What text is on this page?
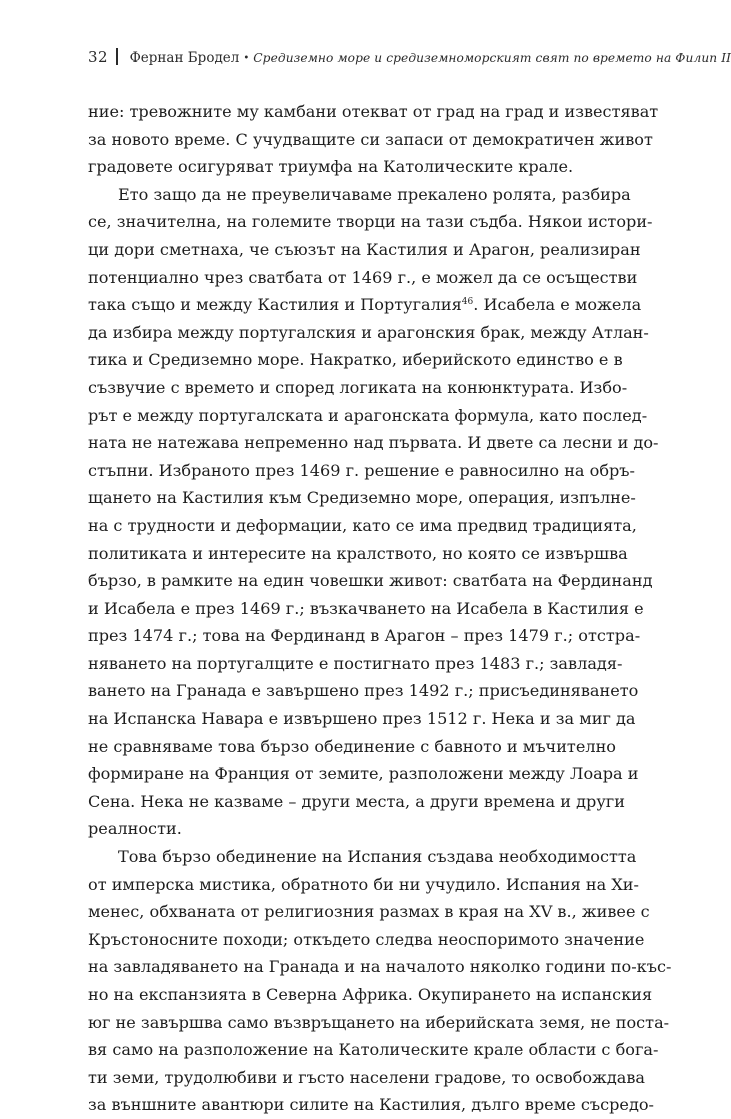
32 Фернан Бродел • Средиземно море и средиземноморският свят по времето на Филип II
ние: тревожните му камбани отекват от град на град и известяват
за новото време. С учудващите си запаси от демократичен живот
градовете осигуряват триумфа на Католическите крале.
Ето защо да не преувеличаваме прекалено ролята, разбира
се, значителна, на големите творци на тази съдба. Някои истори-
ци дори сметнаха, че съюзът на Кастилия и Арагон, реализиран
потенциално чрез сватбата от 1469 г., е можел да се осъществи
така също и между Кастилия и Португалия$^{46}$. Исабела е можела
да избира между португалския и арагонския брак, между Атлан-
тика и Средиземно море. Накратко, иберийското единство е в
съзвучие с времето и според логиката на конюнктурата. Избо-
рът е между португалската и арагонската формула, като послед-
ната не натежава непременно над първата. И двете са лесни и до-
стъпни. Избраното през 1469 г. решение е равносилно на обръ-
щането на Кастилия към Средиземно море, операция, изпълне-
на с трудности и деформации, като се има предвид традицията,
политиката и интересите на кралството, но която се извършва
бързо, в рамките на един човешки живот: сватбата на Фердинанд
и Исабела е през 1469 г.; възкачването на Исабела в Кастилия е
през 1474 г.; това на Фердинанд в Арагон – през 1479 г.; отстра-
няването на португалците е постигнато през 1483 г.; завладя-
ването на Гранада е завършено през 1492 г.; присъединяването
на Испанска Навара е извършено през 1512 г. Нека и за миг да
не сравняваме това бързо обединение с бавното и мъчително
формиране на Франция от земите, разположени между Лоара и
Сена. Нека не казваме – други места, а други времена и други
реалности.
Това бързо обединение на Испания създава необходимостта
от имперска мистика, обратното би ни учудило. Испания на Хи-
менес, обхваната от религиозния размах в края на XV в., живее с
Кръстоносните походи; откъдето следва неоспоримото значение
на завладяването на Гранада и на началото няколко години по-къс-
но на експанзията в Северна Африка. Окупирането на испанския
юг не завършва само възвръщането на иберийската земя, не поста-
вя само на разположение на Католическите крале области с бога-
ти земи, трудолюбиви и гъсто населени градове, то освобождава
за външните авантюри силите на Кастилия, дълго време съсредо-
